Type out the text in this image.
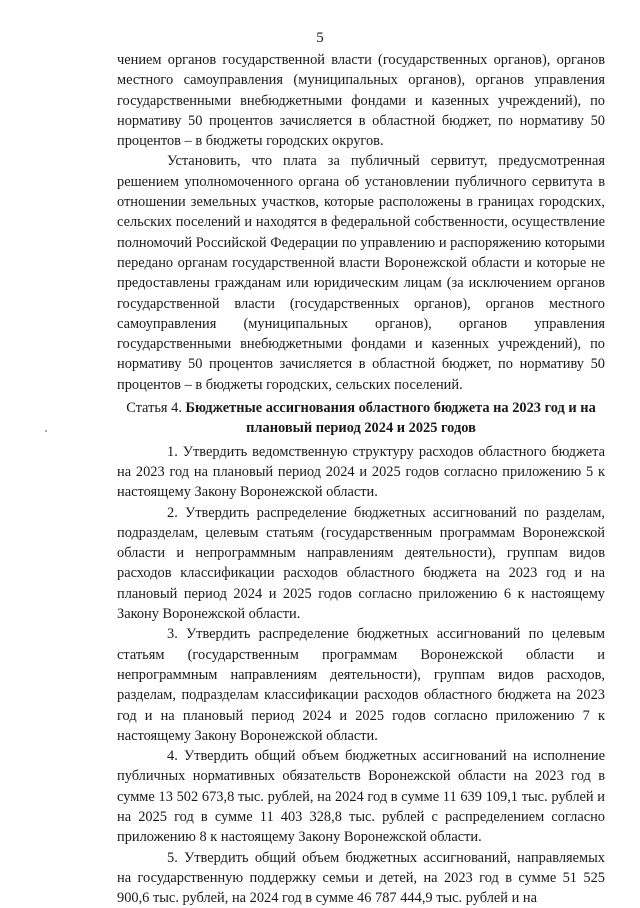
5

чением органов государственной власти (государственных органов), органов местного самоуправления (муниципальных органов), органов управления государственными внебюджетными фондами и казенных учреждений), по нормативу 50 процентов зачисляется в областной бюджет, по нормативу 50 процентов – в бюджеты городских округов.

Установить, что плата за публичный сервитут, предусмотренная решением уполномоченного органа об установлении публичного сервитута в отношении земельных участков, которые расположены в границах городских, сельских поселений и находятся в федеральной собственности, осуществление полномочий Российской Федерации по управлению и распоряжению которыми передано органам государственной власти Воронежской области и которые не предоставлены гражданам или юридическим лицам (за исключением органов государственной власти (государственных органов), органов местного самоуправления (муниципальных органов), органов управления государственными внебюджетными фондами и казенных учреждений), по нормативу 50 процентов зачисляется в областной бюджет, по нормативу 50 процентов – в бюджеты городских, сельских поселений.

Статья 4. Бюджетные ассигнования областного бюджета на 2023 год и на плановый период 2024 и 2025 годов

1. Утвердить ведомственную структуру расходов областного бюджета на 2023 год на плановый период 2024 и 2025 годов согласно приложению 5 к настоящему Закону Воронежской области.

2. Утвердить распределение бюджетных ассигнований по разделам, подразделам, целевым статьям (государственным программам Воронежской области и непрограммным направлениям деятельности), группам видов расходов классификации расходов областного бюджета на 2023 год и на плановый период 2024 и 2025 годов согласно приложению 6 к настоящему Закону Воронежской области.

3. Утвердить распределение бюджетных ассигнований по целевым статьям (государственным программам Воронежской области и непрограммным направлениям деятельности), группам видов расходов, разделам, подразделам классификации расходов областного бюджета на 2023 год и на плановый период 2024 и 2025 годов согласно приложению 7 к настоящему Закону Воронежской области.

4. Утвердить общий объем бюджетных ассигнований на исполнение публичных нормативных обязательств Воронежской области на 2023 год в сумме 13 502 673,8 тыс. рублей, на 2024 год в сумме 11 639 109,1 тыс. рублей и на 2025 год в сумме 11 403 328,8 тыс. рублей с распределением согласно приложению 8 к настоящему Закону Воронежской области.

5. Утвердить общий объем бюджетных ассигнований, направляемых на государственную поддержку семьи и детей, на 2023 год в сумме 51 525 900,6 тыс. рублей, на 2024 год в сумме 46 787 444,9 тыс. рублей и на
